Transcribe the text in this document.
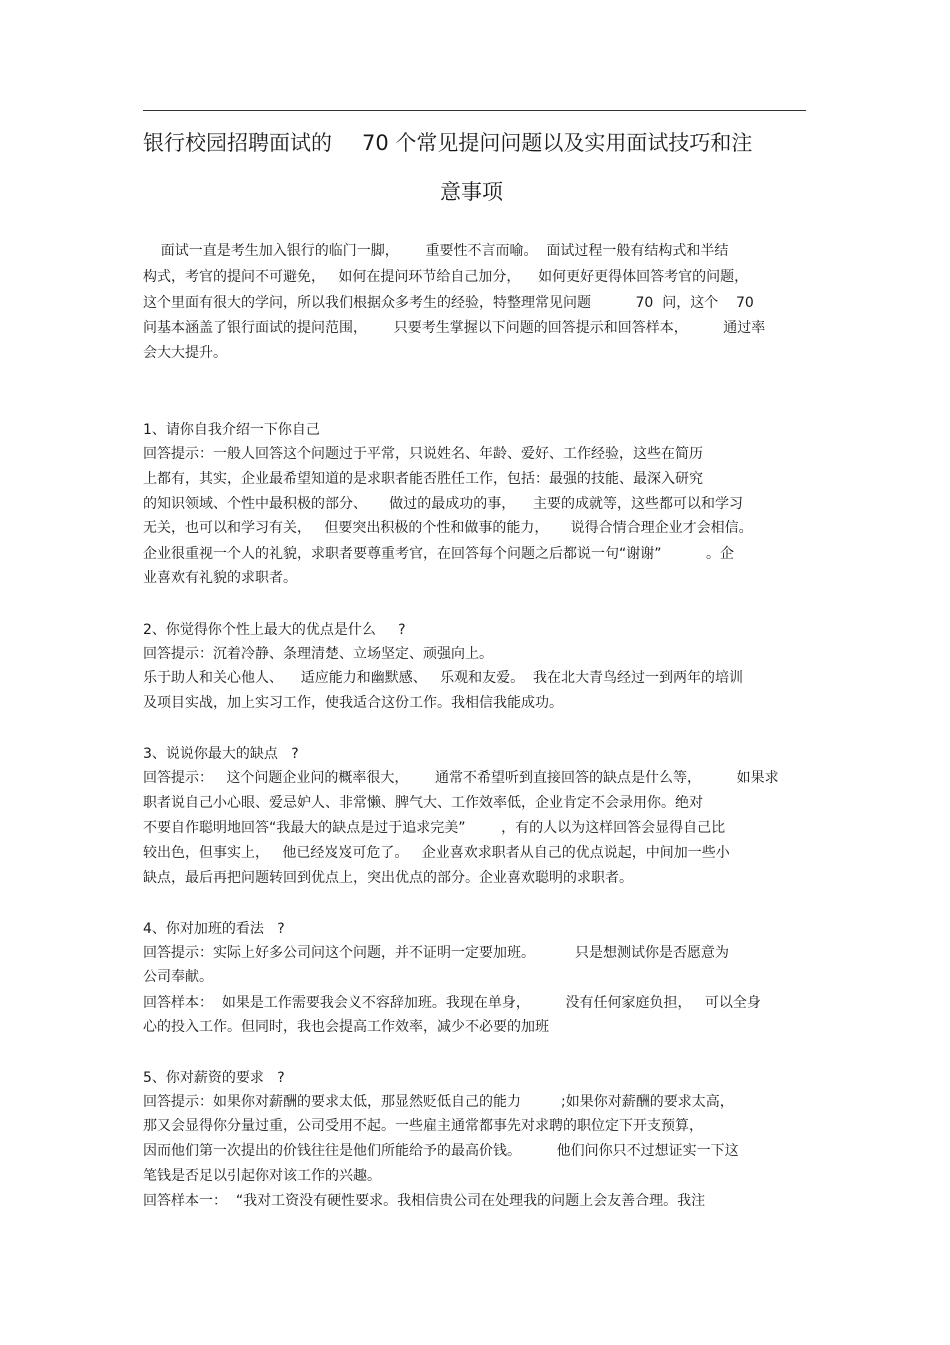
银行校园招聘面试的 70 个常见提问问题以及实用面试技巧和注
意事项
面试一直是考生加入银行的临门一脚，      重要性不言而喻。  面试过程一般有结构式和半结
构式，考官的提问不可避免，   如何在提问环节给自己加分，    如何更好更得体回答考官的问题，
这个里面有很大的学问，所以我们根据众多考生的经验，特整理常见问题          70  问，这个    70
问基本涵盖了银行面试的提问范围，      只要考生掌握以下问题的回答提示和回答样本，        通过率
会大大提升。
1、请你自我介绍一下你自己
回答提示：一般人回答这个问题过于平常，只说姓名、年龄、爱好、工作经验，这些在简历
上都有，其实，企业最希望知道的是求职者能否胜任工作，包括：最强的技能、最深入研究
的知识领域、个性中最积极的部分、     做过的最成功的事，    主要的成就等，这些都可以和学习
无关，也可以和学习有关，   但要突出积极的个性和做事的能力，     说得合情合理企业才会相信。
企业很重视一个人的礼貌，求职者要尊重考官，在回答每个问题之后都说一句“谢谢”          。企
业喜欢有礼貌的求职者。
2、你觉得你个性上最大的优点是什么     ?
回答提示：沉着冷静、条理清楚、立场坚定、顽强向上。
乐于助人和关心他人、    适应能力和幽默感、   乐观和友爱。  我在北大青鸟经过一到两年的培训
及项目实战，加上实习工作，使我适合这份工作。我相信我能成功。
3、说说你最大的缺点   ?
回答提示：   这个问题企业问的概率很大，      通常不希望听到直接回答的缺点是什么等，        如果求
职者说自己小心眼、爱忌妒人、非常懒、脾气大、工作效率低，企业肯定不会录用你。绝对
不要自作聪明地回答“我最大的缺点是过于追求完美”        ，有的人以为这样回答会显得自己比
较出色，但事实上，   他已经岌岌可危了。   企业喜欢求职者从自己的优点说起，中间加一些小
缺点，最后再把问题转回到优点上，突出优点的部分。企业喜欢聪明的求职者。
4、你对加班的看法   ?
回答提示：实际上好多公司问这个问题，并不证明一定要加班。         只是想测试你是否愿意为
公司奉献。
回答样本：  如果是工作需要我会义不容辞加班。我现在单身，        没有任何家庭负担，   可以全身
心的投入工作。但同时，我也会提高工作效率，减少不必要的加班
5、你对薪资的要求   ?
回答提示：如果你对薪酬的要求太低，那显然贬低自己的能力         ;如果你对薪酬的要求太高，
那又会显得你分量过重，公司受用不起。一些雇主通常都事先对求聘的职位定下开支预算，
因而他们第一次提出的价钱往往是他们所能给予的最高价钱。        他们问你只不过想证实一下这
笔钱是否足以引起你对该工作的兴趣。
回答样本一：  “我对工资没有硬性要求。我相信贵公司在处理我的问题上会友善合理。我注
